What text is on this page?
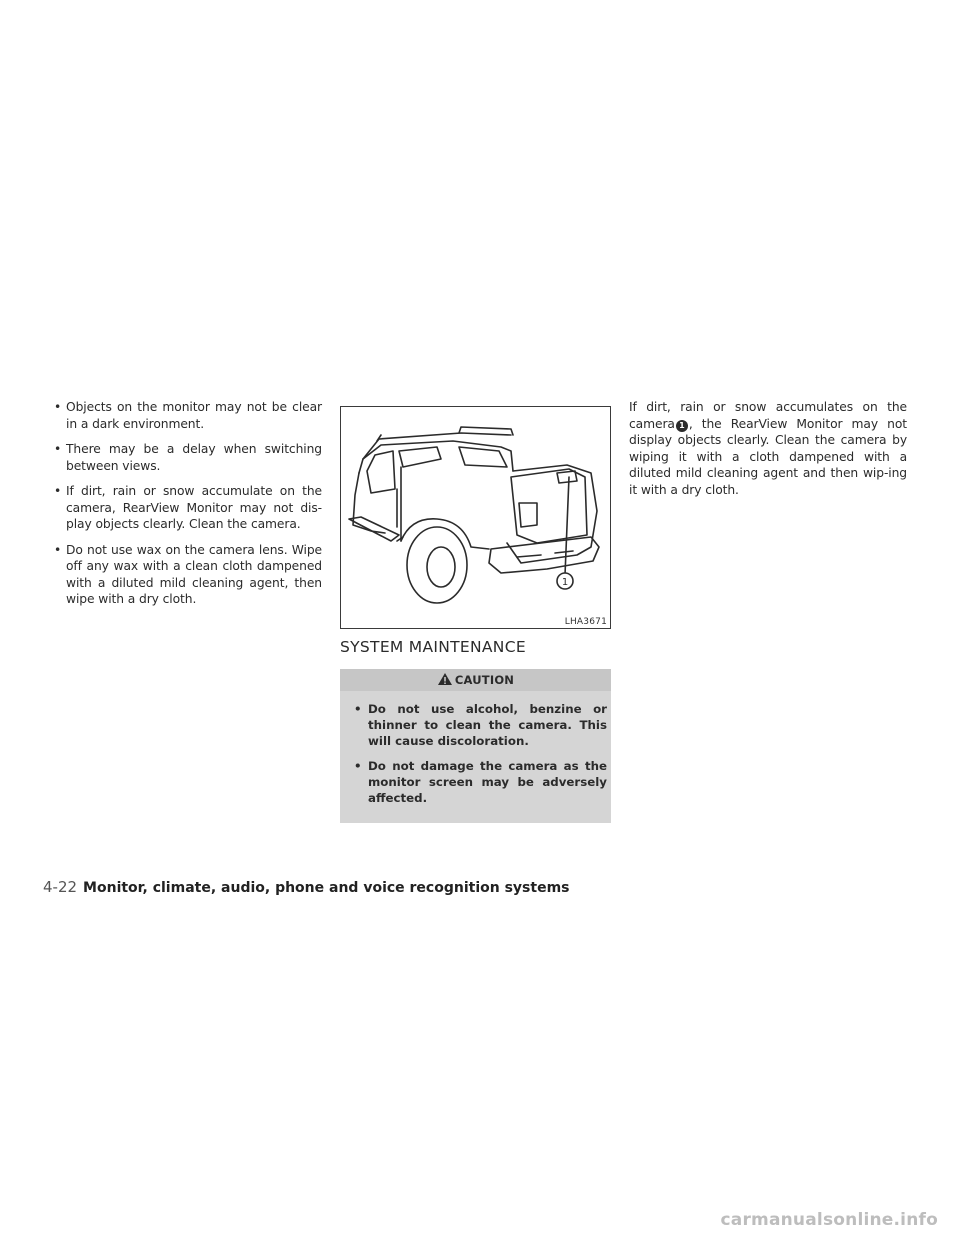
• Objects on the monitor may not be clear in a dark environment.
• There may be a delay when switching between views.
• If dirt, rain or snow accumulate on the camera, RearView Monitor may not dis-play objects clearly. Clean the camera.
• Do not use wax on the camera lens. Wipe off any wax with a clean cloth dampened with a diluted mild cleaning agent, then wipe with a dry cloth.
1
LHA3671
SYSTEM MAINTENANCE
CAUTION
• Do not use alcohol, benzine or thinner to clean the camera. This will cause discoloration.
• Do not damage the camera as the monitor screen may be adversely affected.

If dirt, rain or snow accumulates on the camera 1 , the RearView Monitor may not display objects clearly. Clean the camera by wiping it with a cloth dampened with a diluted mild cleaning agent and then wip-ing it with a dry cloth.

4-22 Monitor, climate, audio, phone and voice recognition systems
carmanualsonline.info
